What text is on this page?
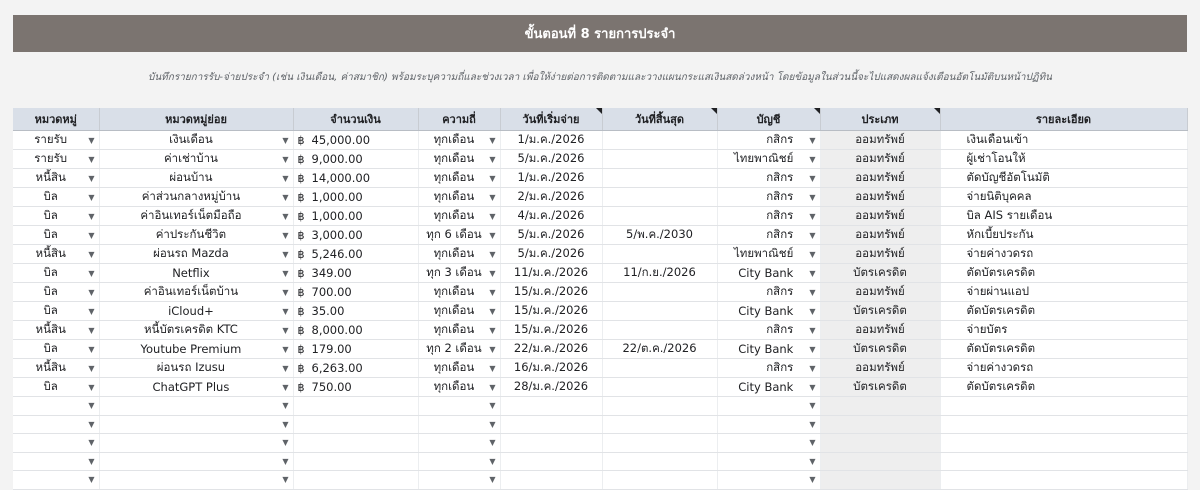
ขั้นตอนที่ 8 รายการประจำ
บันทึกรายการรับ-จ่ายประจำ (เช่น เงินเดือน, ค่าสมาชิก) พร้อมระบุความถี่และช่วงเวลา เพื่อให้ง่ายต่อการติดตามและวางแผนกระแสเงินสดล่วงหน้า โดยข้อมูลในส่วนนี้จะไปแสดงผลแจ้งเตือนอัตโนมัติบนหน้าปฏิทิน
หมวดหมู่	หมวดหมู่ย่อย	จำนวนเงิน	ความถี่	วันที่เริ่มจ่าย	วันที่สิ้นสุด	บัญชี	ประเภท	รายละเอียด

รายรับ ▼	เงินเดือน ▼	฿ 45,000.00	ทุกเดือน ▼	1/ม.ค./2026		กสิกร ▼	ออมทรัพย์	เงินเดือนเข้า

รายรับ ▼	ค่าเช่าบ้าน ▼	฿ 9,000.00	ทุกเดือน ▼	5/ม.ค./2026		ไทยพาณิชย์ ▼	ออมทรัพย์	ผู้เช่าโอนให้

หนี้สิน ▼	ผ่อนบ้าน ▼	฿ 14,000.00	ทุกเดือน ▼	1/ม.ค./2026		กสิกร ▼	ออมทรัพย์	ตัดบัญชีอัตโนมัติ

บิล ▼	ค่าส่วนกลางหมู่บ้าน ▼	฿ 1,000.00	ทุกเดือน ▼	2/ม.ค./2026		กสิกร ▼	ออมทรัพย์	จ่ายนิติบุคคล

บิล ▼	ค่าอินเทอร์เน็ตมือถือ ▼	฿ 1,000.00	ทุกเดือน ▼	4/ม.ค./2026		กสิกร ▼	ออมทรัพย์	บิล AIS รายเดือน

บิล ▼	ค่าประกันชีวิต ▼	฿ 3,000.00	ทุก 6 เดือน ▼	5/ม.ค./2026	5/พ.ค./2030	กสิกร ▼	ออมทรัพย์	หักเบี้ยประกัน

หนี้สิน ▼	ผ่อนรถ Mazda ▼	฿ 5,246.00	ทุกเดือน ▼	5/ม.ค./2026		ไทยพาณิชย์ ▼	ออมทรัพย์	จ่ายค่างวดรถ

บิล ▼	Netflix ▼	฿ 349.00	ทุก 3 เดือน ▼	11/ม.ค./2026	11/ก.ย./2026	City Bank ▼	บัตรเครดิต	ตัดบัตรเครดิต

บิล ▼	ค่าอินเทอร์เน็ตบ้าน ▼	฿ 700.00	ทุกเดือน ▼	15/ม.ค./2026		กสิกร ▼	ออมทรัพย์	จ่ายผ่านแอป

บิล ▼	iCloud+ ▼	฿ 35.00	ทุกเดือน ▼	15/ม.ค./2026		City Bank ▼	บัตรเครดิต	ตัดบัตรเครดิต

หนี้สิน ▼	หนี้บัตรเครดิต KTC ▼	฿ 8,000.00	ทุกเดือน ▼	15/ม.ค./2026		กสิกร ▼	ออมทรัพย์	จ่ายบัตร

บิล ▼	Youtube Premium ▼	฿ 179.00	ทุก 2 เดือน ▼	22/ม.ค./2026	22/ต.ค./2026	City Bank ▼	บัตรเครดิต	ตัดบัตรเครดิต

หนี้สิน ▼	ผ่อนรถ Izusu ▼	฿ 6,263.00	ทุกเดือน ▼	16/ม.ค./2026		กสิกร ▼	ออมทรัพย์	จ่ายค่างวดรถ

บิล ▼	ChatGPT Plus ▼	฿ 750.00	ทุกเดือน ▼	28/ม.ค./2026		City Bank ▼	บัตรเครดิต	ตัดบัตรเครดิต

▼	▼		▼			▼		

▼	▼		▼			▼		

▼	▼		▼			▼		

▼	▼		▼			▼		

▼	▼		▼			▼		
